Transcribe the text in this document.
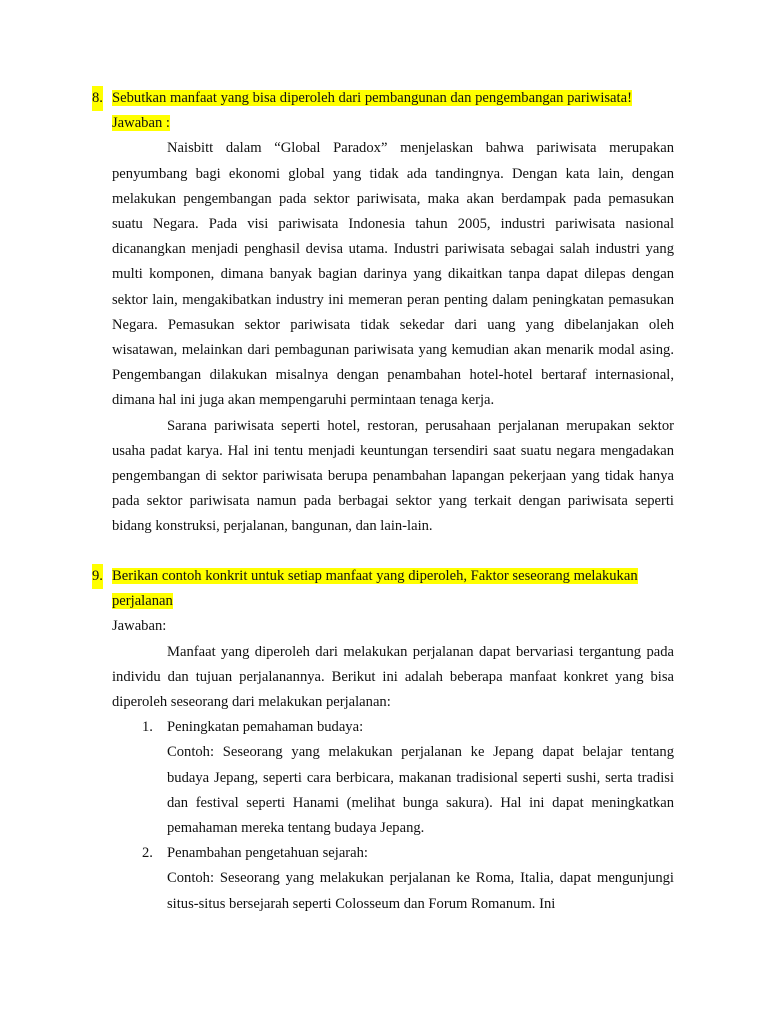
8. Sebutkan manfaat yang bisa diperoleh dari pembangunan dan pengembangan pariwisata!
Jawaban :

Naisbitt dalam “Global Paradox” menjelaskan bahwa pariwisata merupakan penyumbang bagi ekonomi global yang tidak ada tandingnya. Dengan kata lain, dengan melakukan pengembangan pada sektor pariwisata, maka akan berdampak pada pemasukan suatu Negara. Pada visi pariwisata Indonesia tahun 2005, industri pariwisata nasional dicanangkan menjadi penghasil devisa utama. Industri pariwisata sebagai salah industri yang multi komponen, dimana banyak bagian darinya yang dikaitkan tanpa dapat dilepas dengan sektor lain, mengakibatkan industry ini memeran peran penting dalam peningkatan pemasukan Negara. Pemasukan sektor pariwisata tidak sekedar dari uang yang dibelanjakan oleh wisatawan, melainkan dari pembagunan pariwisata yang kemudian akan menarik modal asing. Pengembangan dilakukan misalnya dengan penambahan hotel-hotel bertaraf internasional, dimana hal ini juga akan mempengaruhi permintaan tenaga kerja.

Sarana pariwisata seperti hotel, restoran, perusahaan perjalanan merupakan sektor usaha padat karya. Hal ini tentu menjadi keuntungan tersendiri saat suatu negara mengadakan pengembangan di sektor pariwisata berupa penambahan lapangan pekerjaan yang tidak hanya pada sektor pariwisata namun pada berbagai sektor yang terkait dengan pariwisata seperti bidang konstruksi, perjalanan, bangunan, dan lain-lain.

9. Berikan contoh konkrit untuk setiap manfaat yang diperoleh, Faktor seseorang melakukan perjalanan
Jawaban:

Manfaat yang diperoleh dari melakukan perjalanan dapat bervariasi tergantung pada individu dan tujuan perjalanannya. Berikut ini adalah beberapa manfaat konkret yang bisa diperoleh seseorang dari melakukan perjalanan:

1. Peningkatan pemahaman budaya:
Contoh: Seseorang yang melakukan perjalanan ke Jepang dapat belajar tentang budaya Jepang, seperti cara berbicara, makanan tradisional seperti sushi, serta tradisi dan festival seperti Hanami (melihat bunga sakura). Hal ini dapat meningkatkan pemahaman mereka tentang budaya Jepang.
2. Penambahan pengetahuan sejarah:
Contoh: Seseorang yang melakukan perjalanan ke Roma, Italia, dapat mengunjungi situs-situs bersejarah seperti Colosseum dan Forum Romanum. Ini
